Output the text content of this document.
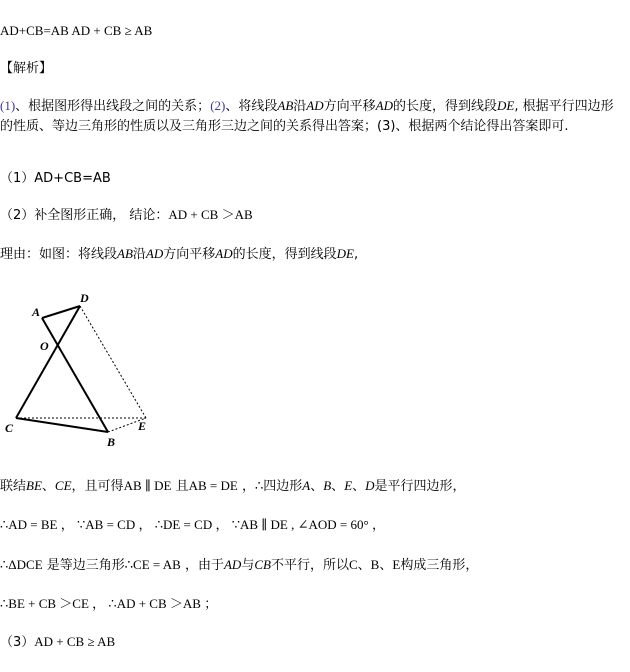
AD+CB=AB AD + CB ≥ AB
【解析】
(1)、根据图形得出线段之间的关系；(2)、将线段AB沿AD方向平移AD的长度，得到线段DE, 根据平行四边形的性质、等边三角形的性质以及三角形三边之间的关系得出答案；(3)、根据两个结论得出答案即可.
（1）AD+CB=AB
（2）补全图形正确， 结论：AD + CB ＞AB
理由：如图：将线段AB沿AD方向平移AD的长度，得到线段DE,
A
D
O
C
B
E
联结BE、CE，且可得AB ∥ DE 且AB = DE ，∴四边形A、B、E、D是平行四边形，
∴AD = BE ， ∵AB = CD ， ∴DE = CD ， ∵AB ∥ DE , ∠AOD = 60° ，
∴ΔDCE 是等边三角形∴CE = AB ，由于AD与CB不平行，所以C、B、E构成三角形，
∴BE + CB ＞CE ， ∴AD + CB ＞AB ；
（3）AD + CB ≥ AB
